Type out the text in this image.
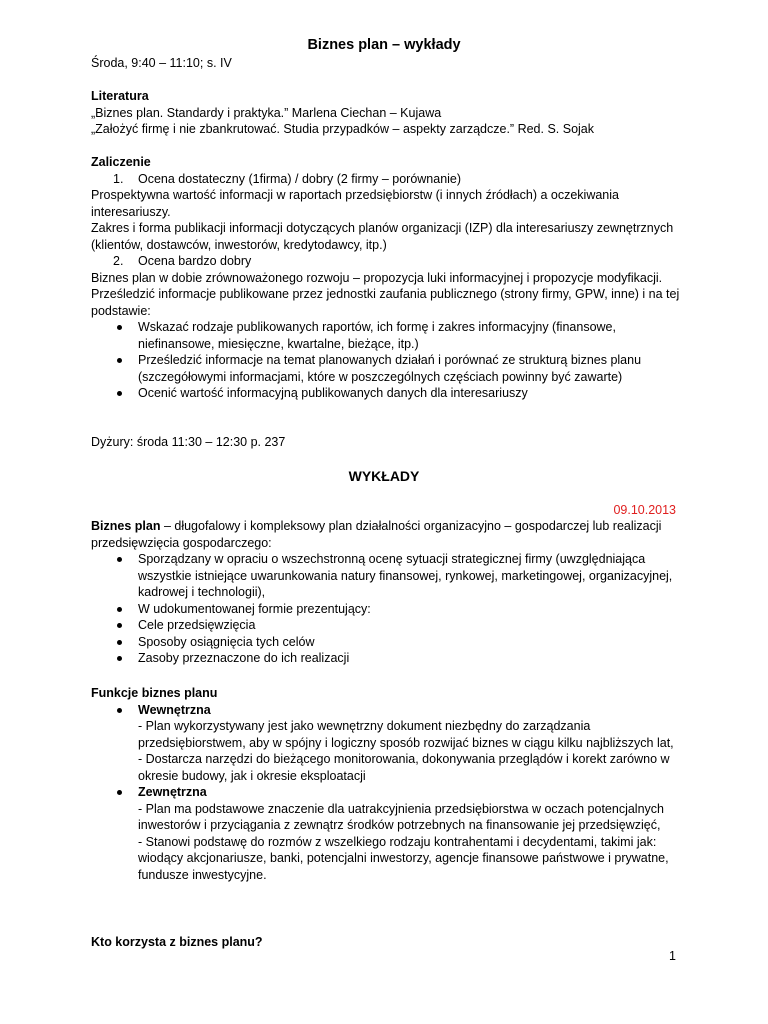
Biznes plan – wykłady
Środa, 9:40 – 11:10; s. IV
Literatura
„Biznes plan. Standardy i praktyka.” Marlena Ciechan – Kujawa
„Założyć firmę i nie zbankrutować. Studia przypadków – aspekty zarządcze.” Red. S. Sojak
Zaliczenie
1.	Ocena dostateczny (1firma) / dobry (2 firmy – porównanie)
Prospektywna wartość informacji w raportach przedsiębiorstw (i innych źródłach) a oczekiwania interesariuszy.
Zakres i forma publikacji informacji dotyczących planów organizacji (IZP) dla interesariuszy zewnętrznych (klientów, dostawców, inwestorów, kredytodawcy, itp.)
2.	Ocena bardzo dobry
Biznes plan w dobie zrównoważonego rozwoju – propozycja luki informacyjnej i propozycje modyfikacji.
Prześledzić informacje publikowane przez jednostki zaufania publicznego (strony firmy, GPW, inne) i na tej podstawie:
Wskazać rodzaje publikowanych raportów, ich formę i zakres informacyjny (finansowe, niefinansowe, miesięczne, kwartalne, bieżące, itp.)
Prześledzić informacje na temat planowanych działań i porównać ze strukturą biznes planu (szczegółowymi informacjami, które w poszczególnych częściach powinny być zawarte)
Ocenić wartość informacyjną publikowanych danych dla interesariuszy
Dyżury: środa 11:30 – 12:30 p. 237
WYKŁADY
09.10.2013
Biznes plan – długofalowy i kompleksowy plan działalności organizacyjno – gospodarczej lub realizacji przedsięwzięcia gospodarczego:
Sporządzany w opraciu o wszechstronną ocenę sytuacji strategicznej firmy (uwzględniająca wszystkie istniejące uwarunkowania natury finansowej, rynkowej, marketingowej, organizacyjnej, kadrowej i technologii),
W udokumentowanej formie prezentujący:
Cele przedsięwzięcia
Sposoby osiągnięcia tych celów
Zasoby przeznaczone do ich realizacji
Funkcje biznes planu
Wewnętrzna
- Plan wykorzystywany jest jako wewnętrzny dokument niezbędny do zarządzania przedsiębiorstwem, aby w spójny i logiczny sposób rozwijać biznes w ciągu kilku najbliższych lat,
- Dostarcza narzędzi do bieżącego monitorowania, dokonywania przeglądów i korekt zarówno w okresie budowy, jak i okresie eksploatacji
Zewnętrzna
- Plan ma podstawowe znaczenie dla uatrakcyjnienia przedsiębiorstwa w oczach potencjalnych inwestorów i przyciągania z zewnątrz środków potrzebnych na finansowanie jej przedsięwzięć,
- Stanowi podstawę do rozmów z wszelkiego rodzaju kontrahentami i decydentami, takimi jak: wiodący akcjonariusze, banki, potencjalni inwestorzy, agencje finansowe państwowe i prywatne, fundusze inwestycyjne.
Kto korzysta z biznes planu?
1
